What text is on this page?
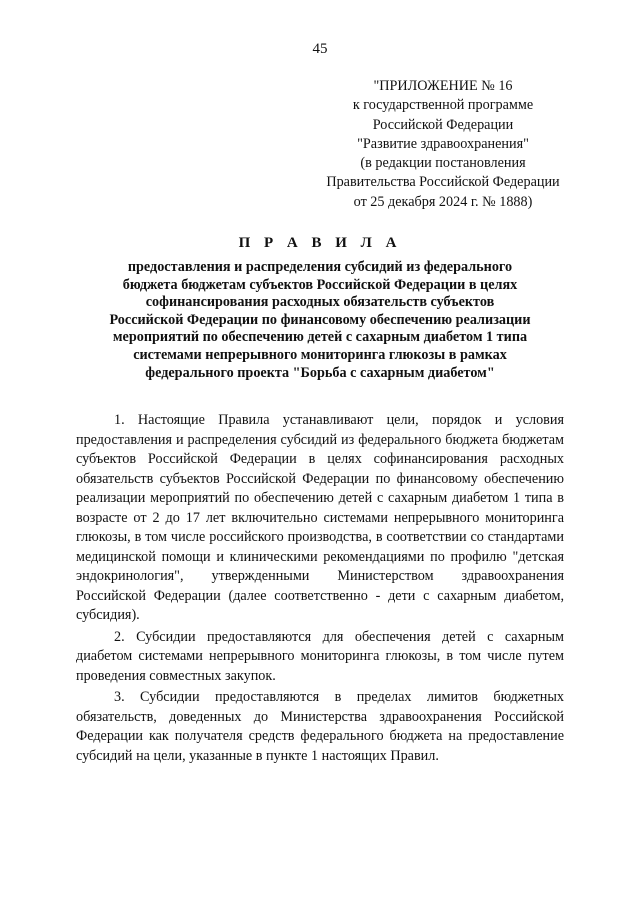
45
"ПРИЛОЖЕНИЕ № 16
к государственной программе
Российской Федерации
"Развитие здравоохранения"
(в редакции постановления
Правительства Российской Федерации
от 25 декабря 2024 г. № 1888)
П Р А В И Л А
предоставления и распределения субсидий из федерального
бюджета бюджетам субъектов Российской Федерации в целях
софинансирования расходных обязательств субъектов
Российской Федерации по финансовому обеспечению реализации
мероприятий по обеспечению детей с сахарным диабетом 1 типа
системами непрерывного мониторинга глюкозы в рамках
федерального проекта "Борьба с сахарным диабетом"

1. Настоящие Правила устанавливают цели, порядок и условия предоставления и распределения субсидий из федерального бюджета бюджетам субъектов Российской Федерации в целях софинансирования расходных обязательств субъектов Российской Федерации по финансовому обеспечению реализации мероприятий по обеспечению детей с сахарным диабетом 1 типа в возрасте от 2 до 17 лет включительно системами непрерывного мониторинга глюкозы, в том числе российского производства, в соответствии со стандартами медицинской помощи и клиническими рекомендациями по профилю "детская эндокринология", утвержденными Министерством здравоохранения Российской Федерации (далее соответственно - дети с сахарным диабетом, субсидия).

2. Субсидии предоставляются для обеспечения детей с сахарным диабетом системами непрерывного мониторинга глюкозы, в том числе путем проведения совместных закупок.

3. Субсидии предоставляются в пределах лимитов бюджетных обязательств, доведенных до Министерства здравоохранения Российской Федерации как получателя средств федерального бюджета на предоставление субсидий на цели, указанные в пункте 1 настоящих Правил.
